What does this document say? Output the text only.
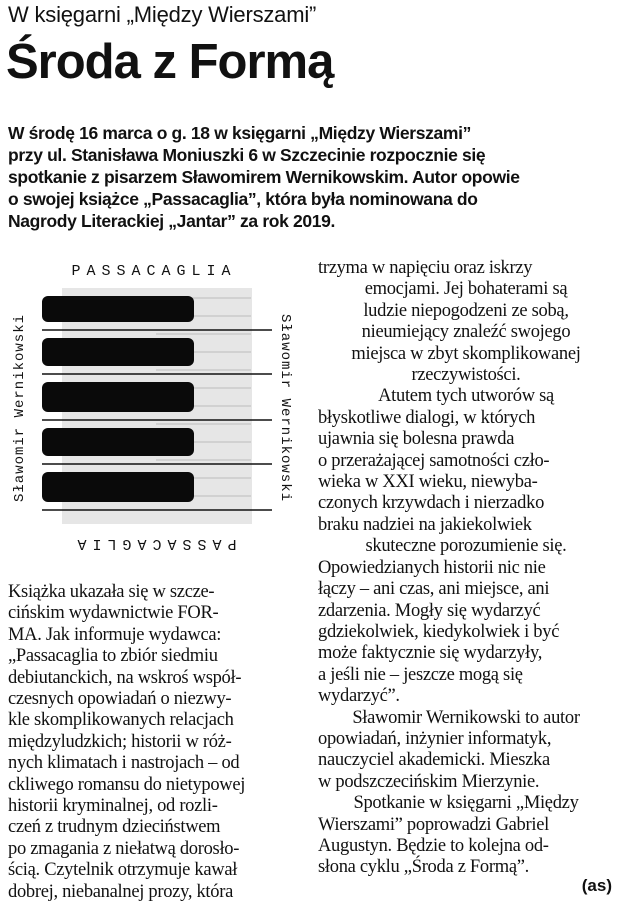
W księgarni „Między Wierszami”
Środa z Formą
W środę 16 marca o g. 18 w księgarni „Między Wierszami”
przy ul. Stanisława Moniuszki 6 w Szczecinie rozpocznie się
spotkanie z pisarzem Sławomirem Wernikowskim. Autor opowie
o swojej książce „Passacaglia”, która była nominowana do
Nagrody Literackiej „Jantar” za rok 2019.
PASSACAGLIA
PASSACAGLIA
Sławomir Wernikowski	Sławomir Wernikowski
Książka ukazała się w szcze-
cińskim wydawnictwie FOR-
MA. Jak informuje wydawca:
„Passacaglia to zbiór siedmiu
debiutanckich, na wskroś współ-
czesnych opowiadań o niezwy-
kle skomplikowanych relacjach
międzyludzkich; historii w róż-
nych klimatach i nastrojach – od
ckliwego romansu do nietypowej
historii kryminalnej, od rozli-
czeń z trudnym dzieciństwem
po zmagania z niełatwą dorosło-
ścią. Czytelnik otrzymuje kawał
dobrej, niebanalnej prozy, która
trzyma w napięciu oraz iskrzy
emocjami. Jej bohaterami są
ludzie niepogodzeni ze sobą,
nieumiejący znaleźć swojego
miejsca w zbyt skomplikowanej
rzeczywistości.
Atutem tych utworów są
błyskotliwe dialogi, w których
ujawnia się bolesna prawda
o przerażającej samotności czło-
wieka w XXI wieku, niewyba-
czonych krzywdach i nierzadko
braku nadziei na jakiekolwiek
skuteczne porozumienie się.
Opowiedzianych historii nic nie
łączy – ani czas, ani miejsce, ani
zdarzenia. Mogły się wydarzyć
gdziekolwiek, kiedykolwiek i być
może faktycznie się wydarzyły,
a jeśli nie – jeszcze mogą się
wydarzyć”.
Sławomir Wernikowski to autor
opowiadań, inżynier informatyk,
nauczyciel akademicki. Mieszka
w podszczecińskim Mierzynie.
Spotkanie w księgarni „Między
Wierszami” poprowadzi Gabriel
Augustyn. Będzie to kolejna od-
słona cyklu „Środa z Formą”.
(as)
